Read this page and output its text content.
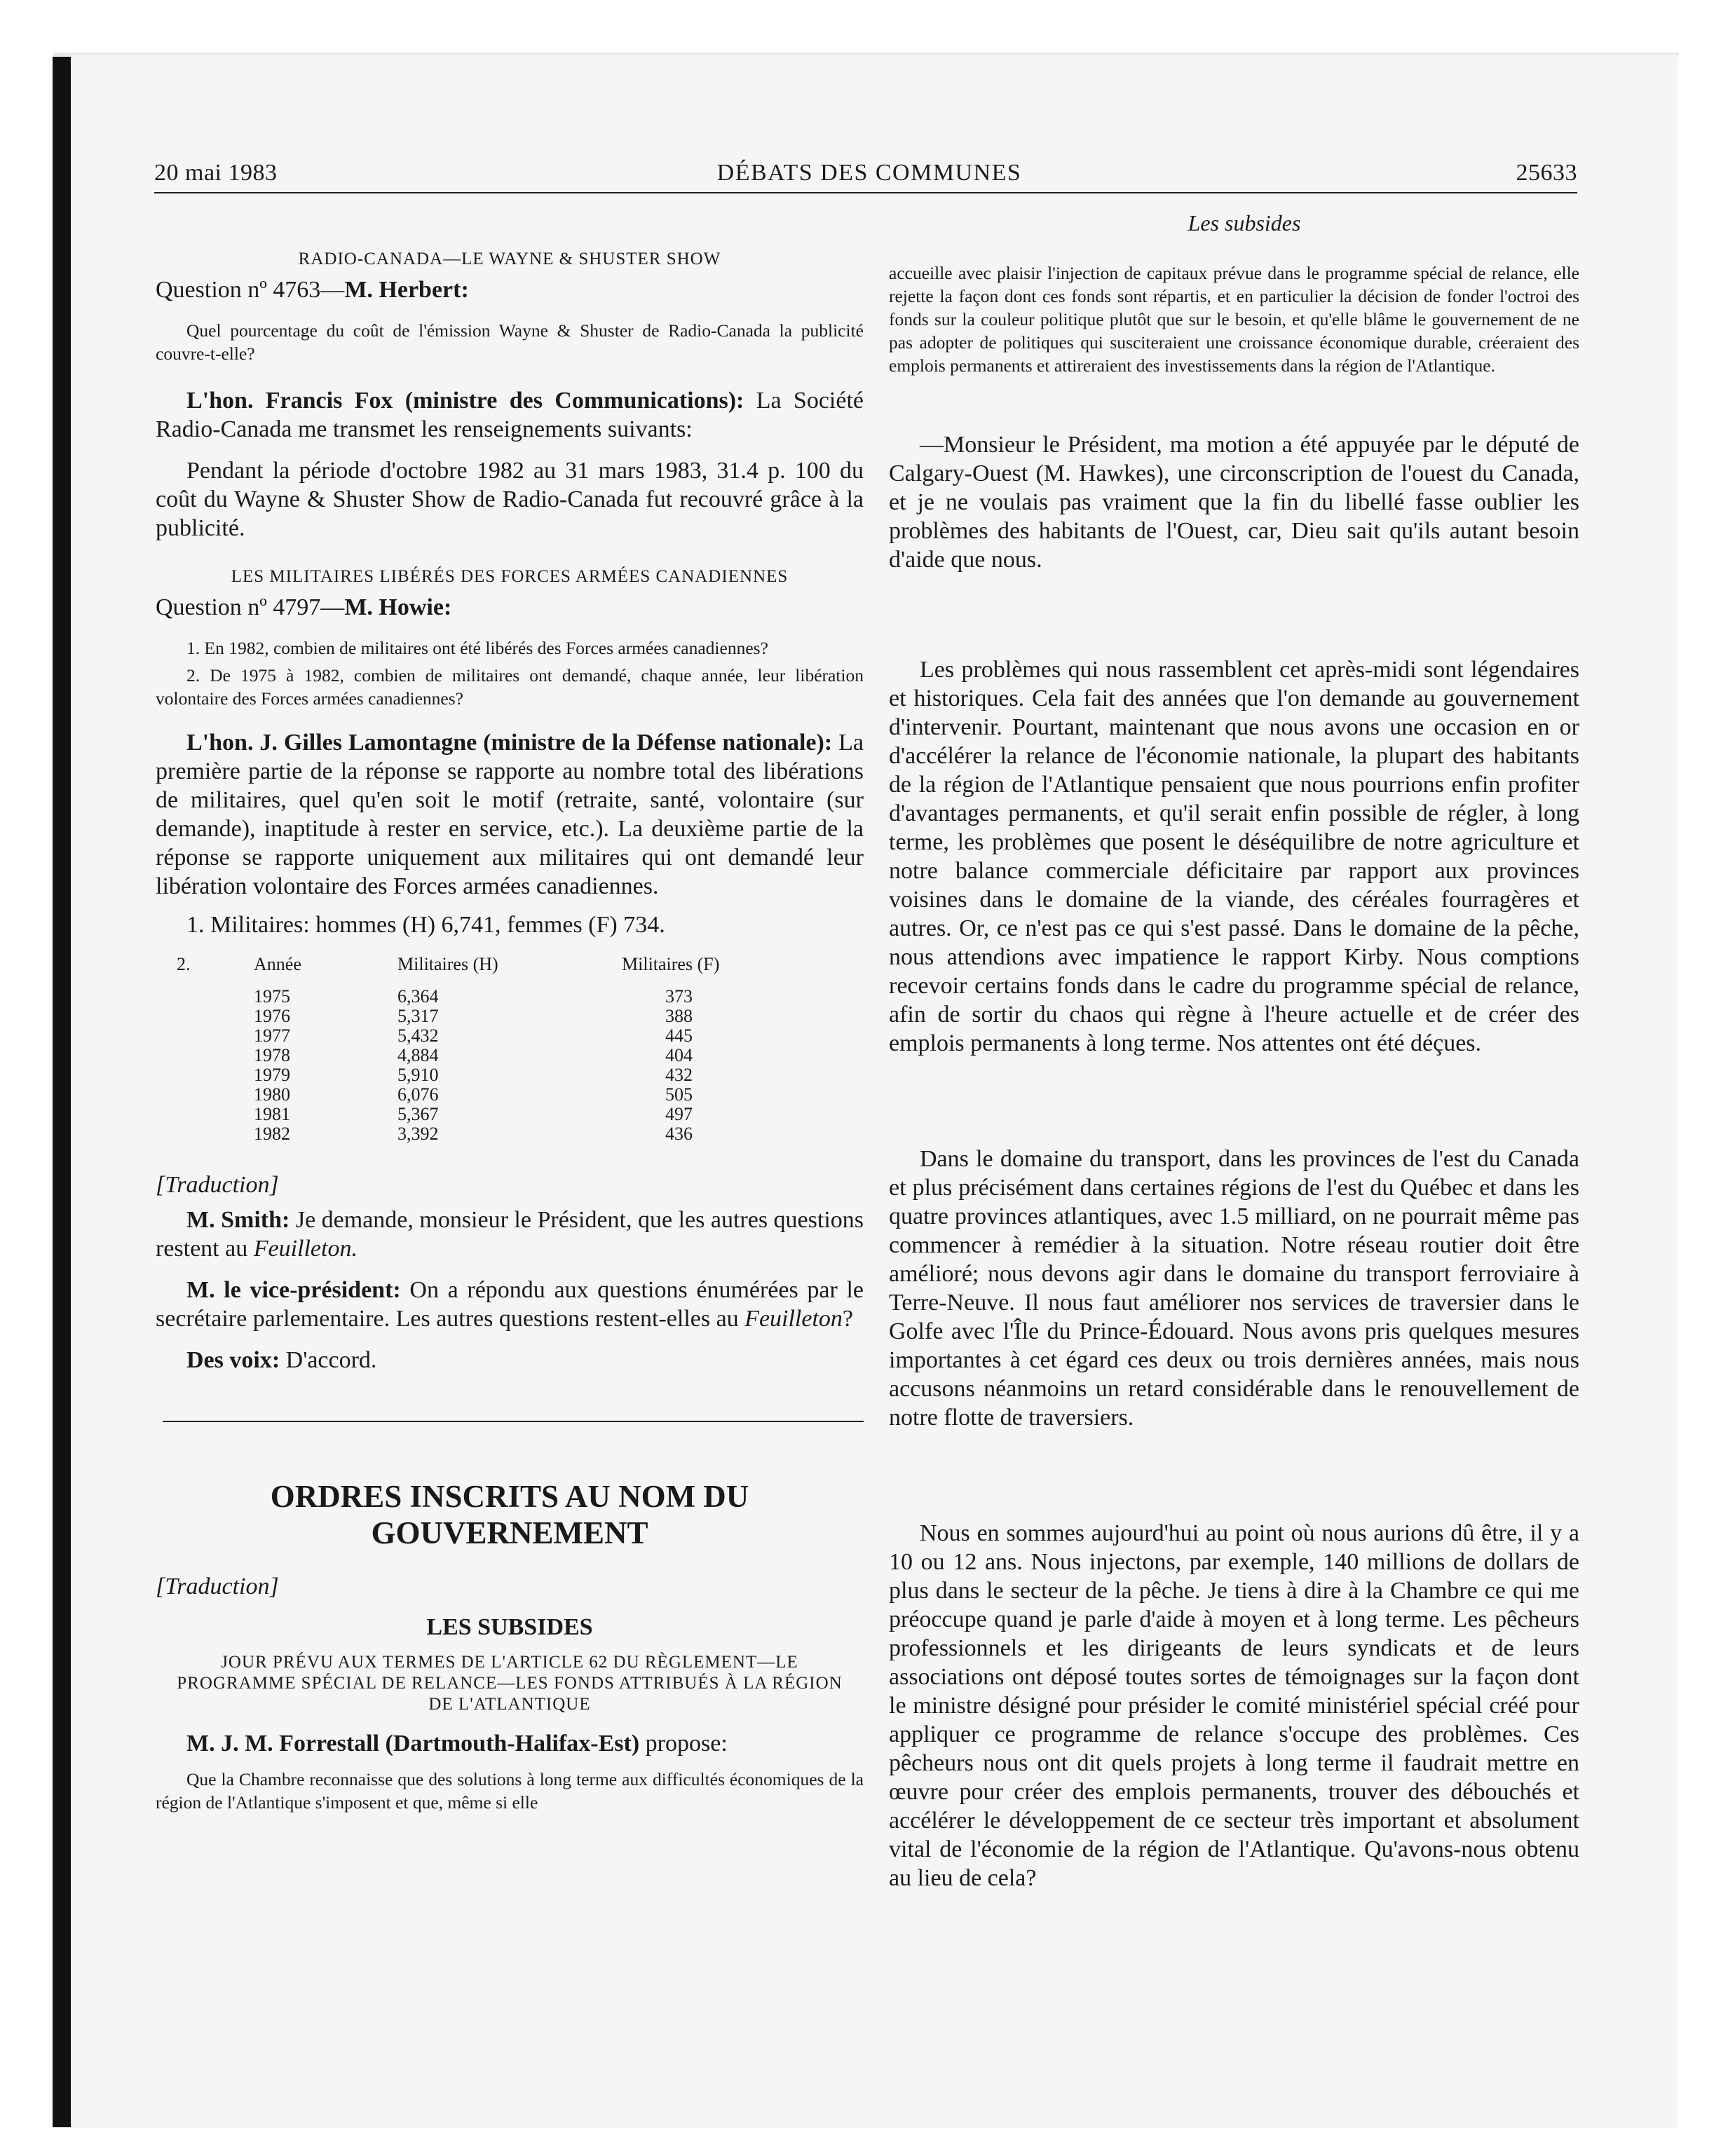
20 mai 1983	DÉBATS DES COMMUNES	25633
Les subsides

RADIO-CANADA—LE WAYNE & SHUSTER SHOW

Question nº 4763—M. Herbert:

Quel pourcentage du coût de l'émission Wayne & Shuster de Radio-Canada la publicité couvre-t-elle?

L'hon. Francis Fox (ministre des Communications): La Société Radio-Canada me transmet les renseignements suivants:

Pendant la période d'octobre 1982 au 31 mars 1983, 31.4 p. 100 du coût du Wayne & Shuster Show de Radio-Canada fut recouvré grâce à la publicité.

LES MILITAIRES LIBÉRÉS DES FORCES ARMÉES CANADIENNES

Question nº 4797—M. Howie:

1. En 1982, combien de militaires ont été libérés des Forces armées canadiennes?

2. De 1975 à 1982, combien de militaires ont demandé, chaque année, leur libération volontaire des Forces armées canadiennes?

L'hon. J. Gilles Lamontagne (ministre de la Défense nationale): La première partie de la réponse se rapporte au nombre total des libérations de militaires, quel qu'en soit le motif (retraite, santé, volontaire (sur demande), inaptitude à rester en service, etc.). La deuxième partie de la réponse se rapporte uniquement aux militaires qui ont demandé leur libération volontaire des Forces armées canadiennes.

1. Militaires: hommes (H) 6,741, femmes (F) 734.

2.	Année	Militaires (H)	Militaires (F)

	1975	6,364	373
	1976	5,317	388
	1977	5,432	445
	1978	4,884	404
	1979	5,910	432
	1980	6,076	505
	1981	5,367	497
	1982	3,392	436

[Traduction]

M. Smith: Je demande, monsieur le Président, que les autres questions restent au Feuilleton.

M. le vice-président: On a répondu aux questions énumérées par le secrétaire parlementaire. Les autres questions restent-elles au Feuilleton?

Des voix: D'accord.

ORDRES INSCRITS AU NOM DU GOUVERNEMENT

[Traduction]

LES SUBSIDES

JOUR PRÉVU AUX TERMES DE L'ARTICLE 62 DU RÈGLEMENT—LE PROGRAMME SPÉCIAL DE RELANCE—LES FONDS ATTRIBUÉS À LA RÉGION DE L'ATLANTIQUE

M. J. M. Forrestall (Dartmouth-Halifax-Est) propose:

Que la Chambre reconnaisse que des solutions à long terme aux difficultés économiques de la région de l'Atlantique s'imposent et que, même si elle

accueille avec plaisir l'injection de capitaux prévue dans le programme spécial de relance, elle rejette la façon dont ces fonds sont répartis, et en particulier la décision de fonder l'octroi des fonds sur la couleur politique plutôt que sur le besoin, et qu'elle blâme le gouvernement de ne pas adopter de politiques qui susciteraient une croissance économique durable, créeraient des emplois permanents et attireraient des investissements dans la région de l'Atlantique.

—Monsieur le Président, ma motion a été appuyée par le député de Calgary-Ouest (M. Hawkes), une circonscription de l'ouest du Canada, et je ne voulais pas vraiment que la fin du libellé fasse oublier les problèmes des habitants de l'Ouest, car, Dieu sait qu'ils autant besoin d'aide que nous.

Les problèmes qui nous rassemblent cet après-midi sont légendaires et historiques. Cela fait des années que l'on demande au gouvernement d'intervenir. Pourtant, maintenant que nous avons une occasion en or d'accélérer la relance de l'économie nationale, la plupart des habitants de la région de l'Atlantique pensaient que nous pourrions enfin profiter d'avantages permanents, et qu'il serait enfin possible de régler, à long terme, les problèmes que posent le déséquilibre de notre agriculture et notre balance commerciale déficitaire par rapport aux provinces voisines dans le domaine de la viande, des céréales fourragères et autres. Or, ce n'est pas ce qui s'est passé. Dans le domaine de la pêche, nous attendions avec impatience le rapport Kirby. Nous comptions recevoir certains fonds dans le cadre du programme spécial de relance, afin de sortir du chaos qui règne à l'heure actuelle et de créer des emplois permanents à long terme. Nos attentes ont été déçues.

Dans le domaine du transport, dans les provinces de l'est du Canada et plus précisément dans certaines régions de l'est du Québec et dans les quatre provinces atlantiques, avec 1.5 milliard, on ne pourrait même pas commencer à remédier à la situation. Notre réseau routier doit être amélioré; nous devons agir dans le domaine du transport ferroviaire à Terre-Neuve. Il nous faut améliorer nos services de traversier dans le Golfe avec l'Île du Prince-Édouard. Nous avons pris quelques mesures importantes à cet égard ces deux ou trois dernières années, mais nous accusons néanmoins un retard considérable dans le renouvellement de notre flotte de traversiers.

Nous en sommes aujourd'hui au point où nous aurions dû être, il y a 10 ou 12 ans. Nous injectons, par exemple, 140 millions de dollars de plus dans le secteur de la pêche. Je tiens à dire à la Chambre ce qui me préoccupe quand je parle d'aide à moyen et à long terme. Les pêcheurs professionnels et les dirigeants de leurs syndicats et de leurs associations ont déposé toutes sortes de témoignages sur la façon dont le ministre désigné pour présider le comité ministériel spécial créé pour appliquer ce programme de relance s'occupe des problèmes. Ces pêcheurs nous ont dit quels projets à long terme il faudrait mettre en œuvre pour créer des emplois permanents, trouver des débouchés et accélérer le développement de ce secteur très important et absolument vital de l'économie de la région de l'Atlantique. Qu'avons-nous obtenu au lieu de cela?
